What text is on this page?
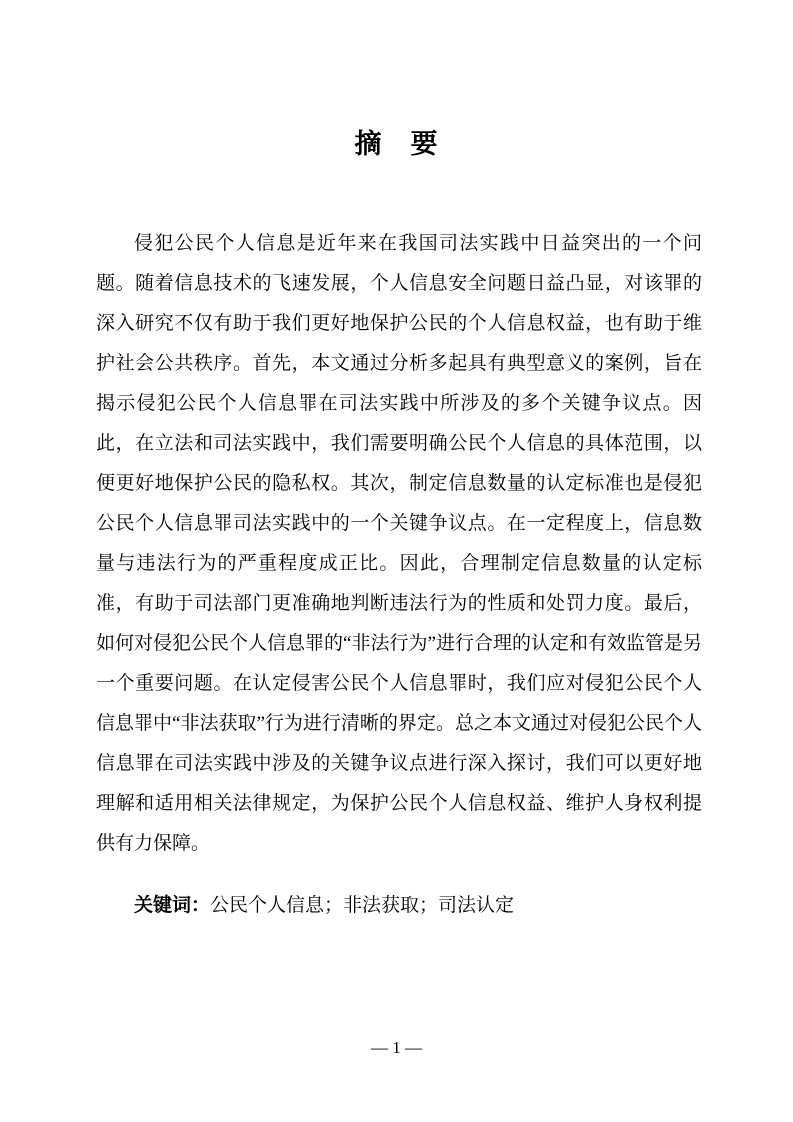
摘　要

侵犯公民个人信息是近年来在我国司法实践中日益突出的一个问题。随着信息技术的飞速发展，个人信息安全问题日益凸显，对该罪的深入研究不仅有助于我们更好地保护公民的个人信息权益，也有助于维护社会公共秩序。首先，本文通过分析多起具有典型意义的案例，旨在揭示侵犯公民个人信息罪在司法实践中所涉及的多个关键争议点。因此，在立法和司法实践中，我们需要明确公民个人信息的具体范围，以便更好地保护公民的隐私权。其次，制定信息数量的认定标准也是侵犯公民个人信息罪司法实践中的一个关键争议点。在一定程度上，信息数量与违法行为的严重程度成正比。因此，合理制定信息数量的认定标准，有助于司法部门更准确地判断违法行为的性质和处罚力度。最后，如何对侵犯公民个人信息罪的“非法行为”进行合理的认定和有效监管是另一个重要问题。在认定侵害公民个人信息罪时，我们应对侵犯公民个人信息罪中“非法获取”行为进行清晰的界定。总之本文通过对侵犯公民个人信息罪在司法实践中涉及的关键争议点进行深入探讨，我们可以更好地理解和适用相关法律规定，为保护公民个人信息权益、维护人身权利提供有力保障。

关键词：公民个人信息；非法获取；司法认定

— 1 —
